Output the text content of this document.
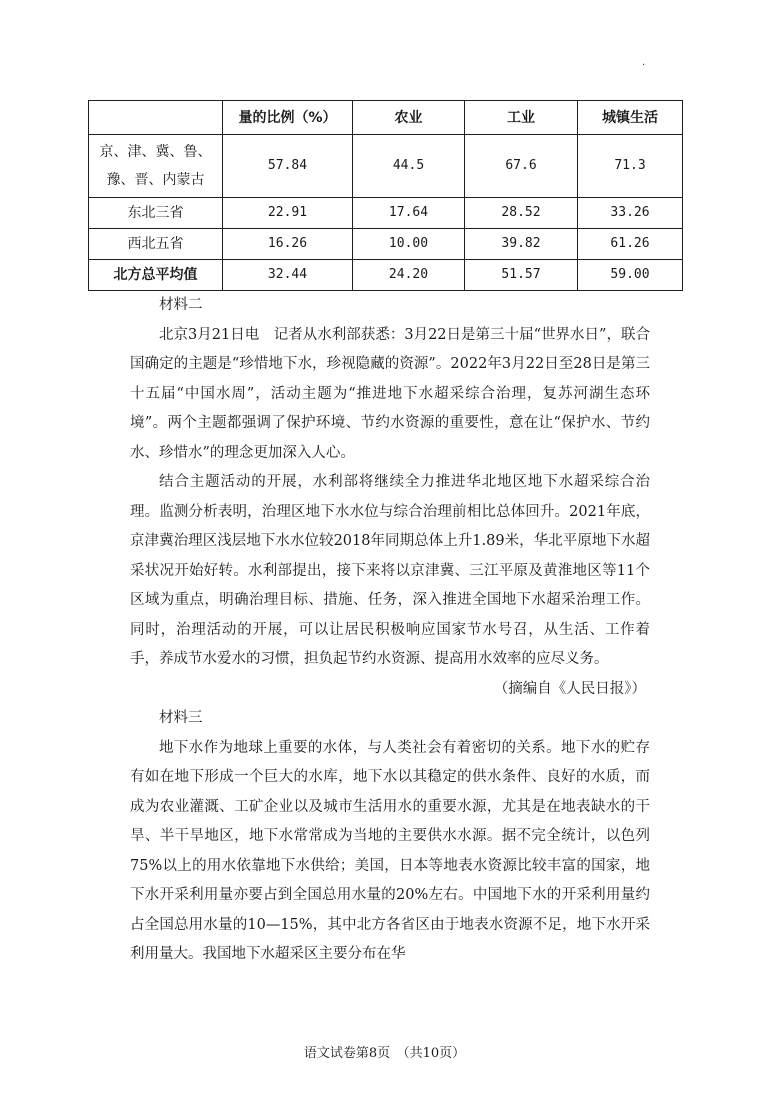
.
	量的比例（%）	农业	工业	城镇生活
京、津、冀、鲁、
豫、晋、内蒙古	57.84	44.5	67.6	71.3
东北三省	22.91	17.64	28.52	33.26
西北五省	16.26	10.00	39.82	61.26
北方总平均值	32.44	24.20	51.57	59.00

材料二

北京3月21日电　记者从水利部获悉：3月22日是第三十届“世界水日”，联合国确定的主题是“珍惜地下水，珍视隐藏的资源”。2022年3月22日至28日是第三十五届“中国水周”，活动主题为“推进地下水超采综合治理，复苏河湖生态环境”。两个主题都强调了保护环境、节约水资源的重要性，意在让“保护水、节约水、珍惜水”的理念更加深入人心。

结合主题活动的开展，水利部将继续全力推进华北地区地下水超采综合治理。监测分析表明，治理区地下水水位与综合治理前相比总体回升。2021年底，京津冀治理区浅层地下水水位较2018年同期总体上升1.89米，华北平原地下水超采状况开始好转。水利部提出，接下来将以京津冀、三江平原及黄淮地区等11个区域为重点，明确治理目标、措施、任务，深入推进全国地下水超采治理工作。同时，治理活动的开展，可以让居民积极响应国家节水号召，从生活、工作着手，养成节水爱水的习惯，担负起节约水资源、提高用水效率的应尽义务。

（摘编自《人民日报》）

材料三

地下水作为地球上重要的水体，与人类社会有着密切的关系。地下水的贮存有如在地下形成一个巨大的水库，地下水以其稳定的供水条件、良好的水质，而成为农业灌溉、工矿企业以及城市生活用水的重要水源，尤其是在地表缺水的干旱、半干旱地区，地下水常常成为当地的主要供水水源。据不完全统计，以色列75%以上的用水依靠地下水供给；美国，日本等地表水资源比较丰富的国家，地下水开采利用量亦要占到全国总用水量的20%左右。中国地下水的开采利用量约占全国总用水量的10—15%，其中北方各省区由于地表水资源不足，地下水开采利用量大。我国地下水超采区主要分布在华

语文试卷第8页　（共10页）
